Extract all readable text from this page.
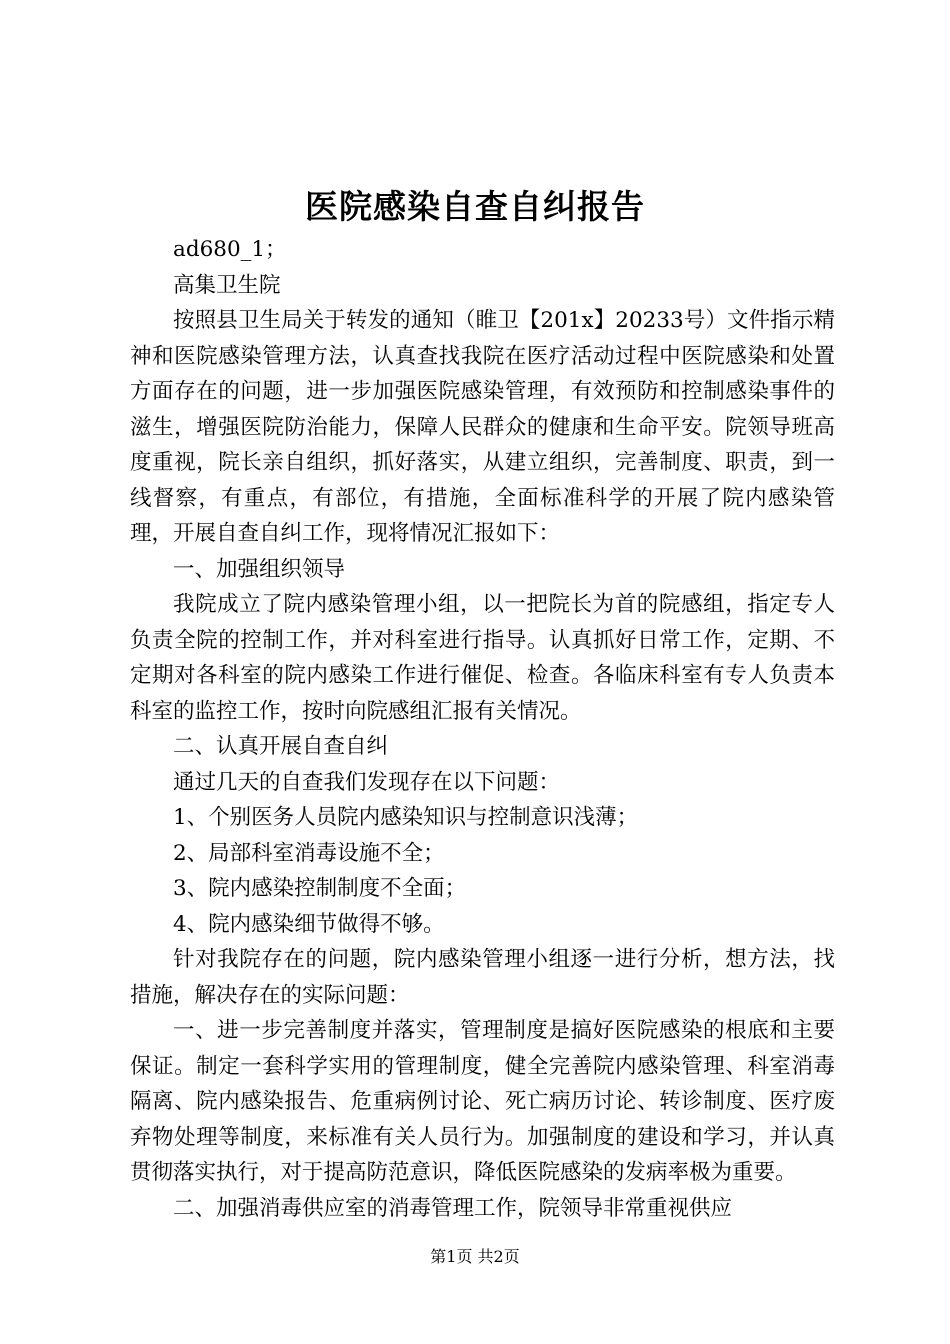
医院感染自查自纠报告

ad680_1；

高集卫生院

按照县卫生局关于转发的通知（睢卫【201x】20233号）文件指示精神和医院感染管理方法，认真查找我院在医疗活动过程中医院感染和处置方面存在的问题，进一步加强医院感染管理，有效预防和控制感染事件的滋生，增强医院防治能力，保障人民群众的健康和生命平安。院领导班高度重视，院长亲自组织，抓好落实，从建立组织，完善制度、职责，到一线督察，有重点，有部位，有措施，全面标准科学的开展了院内感染管理，开展自查自纠工作，现将情况汇报如下：

一、加强组织领导

我院成立了院内感染管理小组，以一把院长为首的院感组，指定专人负责全院的控制工作，并对科室进行指导。认真抓好日常工作，定期、不定期对各科室的院内感染工作进行催促、检查。各临床科室有专人负责本科室的监控工作，按时向院感组汇报有关情况。

二、认真开展自查自纠

通过几天的自查我们发现存在以下问题：

1、个别医务人员院内感染知识与控制意识浅薄；

2、局部科室消毒设施不全；

3、院内感染控制制度不全面；

4、院内感染细节做得不够。

针对我院存在的问题，院内感染管理小组逐一进行分析，想方法，找措施，解决存在的实际问题：

一、进一步完善制度并落实，管理制度是搞好医院感染的根底和主要保证。制定一套科学实用的管理制度，健全完善院内感染管理、科室消毒隔离、院内感染报告、危重病例讨论、死亡病历讨论、转诊制度、医疗废弃物处理等制度，来标准有关人员行为。加强制度的建设和学习，并认真贯彻落实执行，对于提高防范意识，降低医院感染的发病率极为重要。

二、加强消毒供应室的消毒管理工作，院领导非常重视供应

第1页 共2页
